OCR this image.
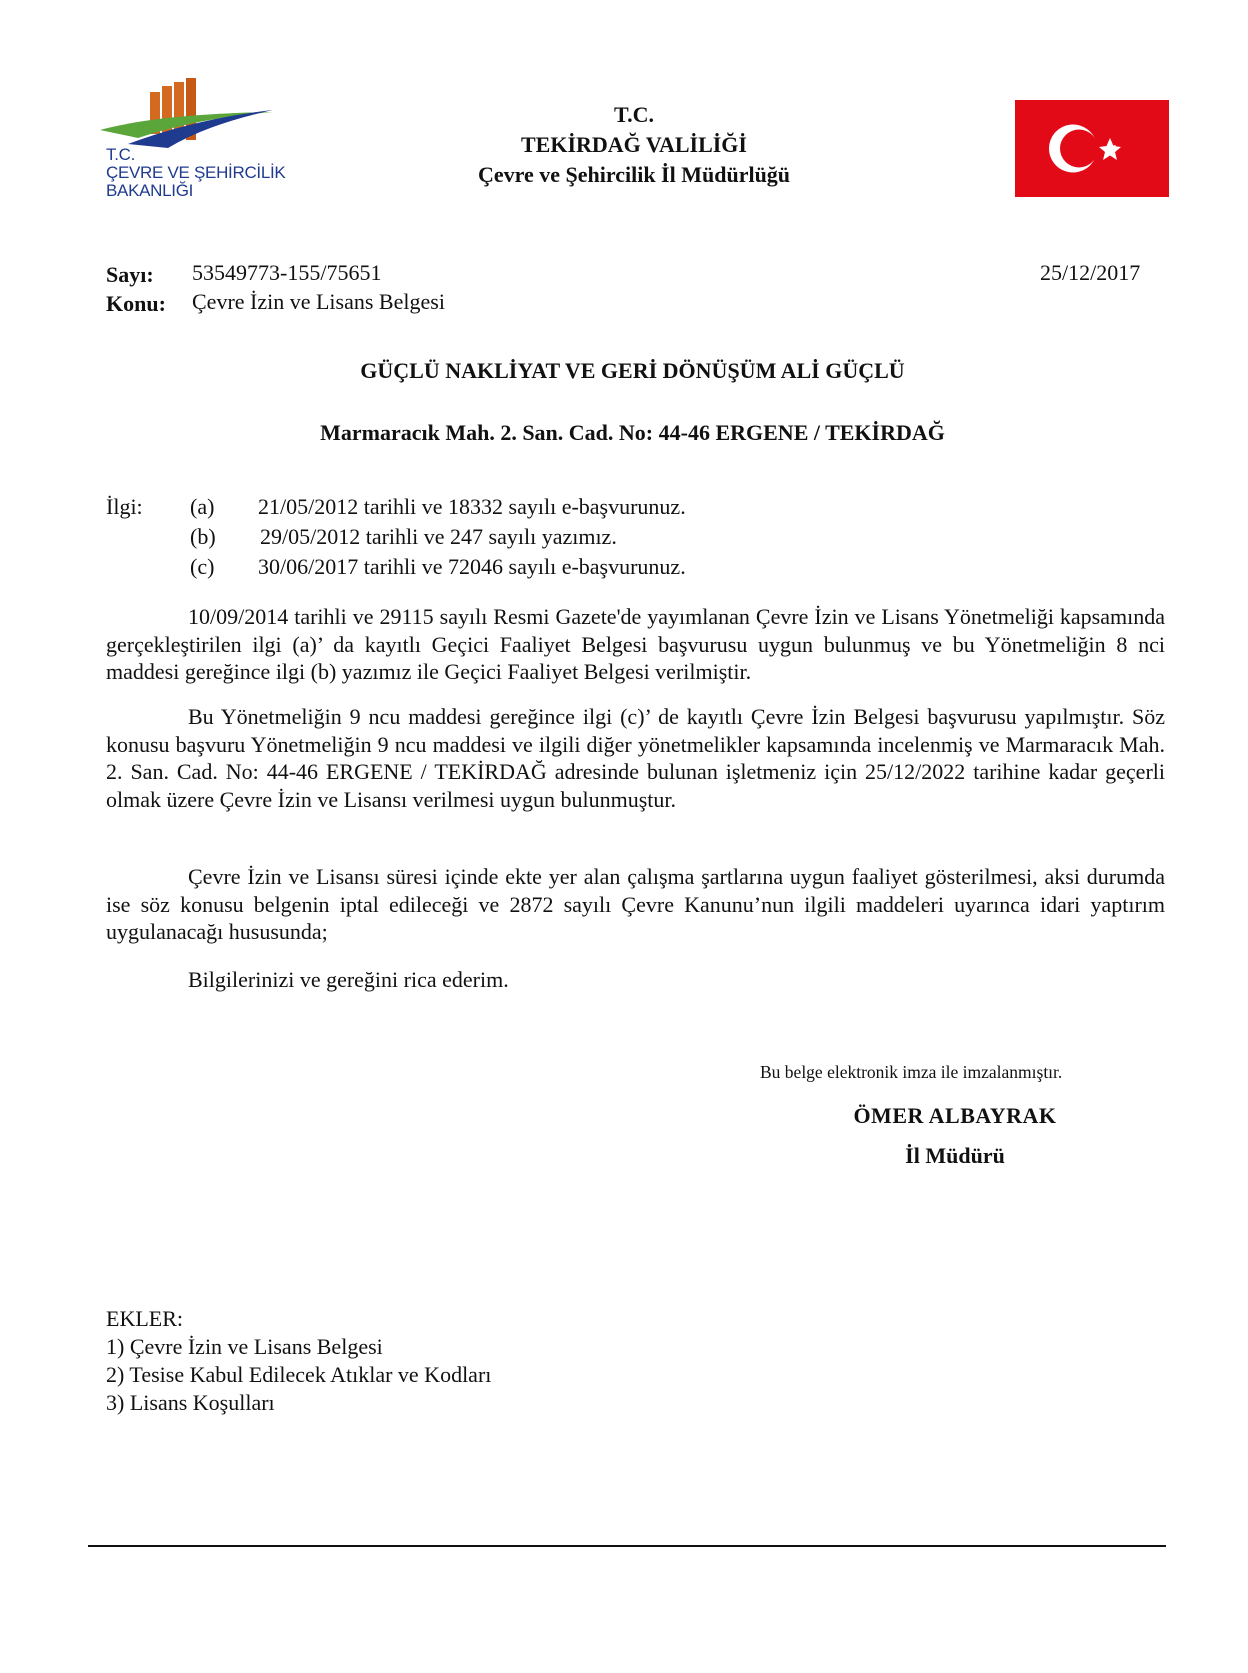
T.C.
ÇEVRE VE ŞEHİRCİLİK
BAKANLIĞI
T.C.
TEKİRDAĞ VALİLİĞİ
Çevre ve Şehircilik İl Müdürlüğü
Sayı: 53549773-155/75651	25/12/2017
Konu: Çevre İzin ve Lisans Belgesi
GÜÇLÜ NAKLİYAT VE GERİ DÖNÜŞÜM ALİ GÜÇLÜ
Marmaracık Mah. 2. San. Cad. No: 44-46 ERGENE / TEKİRDAĞ
İlgi: (a) 21/05/2012 tarihli ve 18332 sayılı e-başvurunuz.
(b) 29/05/2012 tarihli ve 247 sayılı yazımız.
(c) 30/06/2017 tarihli ve 72046 sayılı e-başvurunuz.
10/09/2014 tarihli ve 29115 sayılı Resmi Gazete'de yayımlanan Çevre İzin ve Lisans Yönetmeliği kapsamında gerçekleştirilen ilgi (a)’ da kayıtlı Geçici Faaliyet Belgesi başvurusu uygun bulunmuş ve bu Yönetmeliğin 8 nci maddesi gereğince ilgi (b) yazımız ile Geçici Faaliyet Belgesi verilmiştir.
Bu Yönetmeliğin 9 ncu maddesi gereğince ilgi (c)’ de kayıtlı Çevre İzin Belgesi başvurusu yapılmıştır. Söz konusu başvuru Yönetmeliğin 9 ncu maddesi ve ilgili diğer yönetmelikler kapsamında incelenmiş ve Marmaracık Mah. 2. San. Cad. No: 44-46 ERGENE / TEKİRDAĞ adresinde bulunan işletmeniz için 25/12/2022 tarihine kadar geçerli olmak üzere Çevre İzin ve Lisansı verilmesi uygun bulunmuştur.
Çevre İzin ve Lisansı süresi içinde ekte yer alan çalışma şartlarına uygun faaliyet gösterilmesi, aksi durumda ise söz konusu belgenin iptal edileceği ve 2872 sayılı Çevre Kanunu’nun ilgili maddeleri uyarınca idari yaptırım uygulanacağı hususunda;
Bilgilerinizi ve gereğini rica ederim.
Bu belge elektronik imza ile imzalanmıştır.
ÖMER ALBAYRAK
İl Müdürü
EKLER:
1) Çevre İzin ve Lisans Belgesi
2) Tesise Kabul Edilecek Atıklar ve Kodları
3) Lisans Koşulları
